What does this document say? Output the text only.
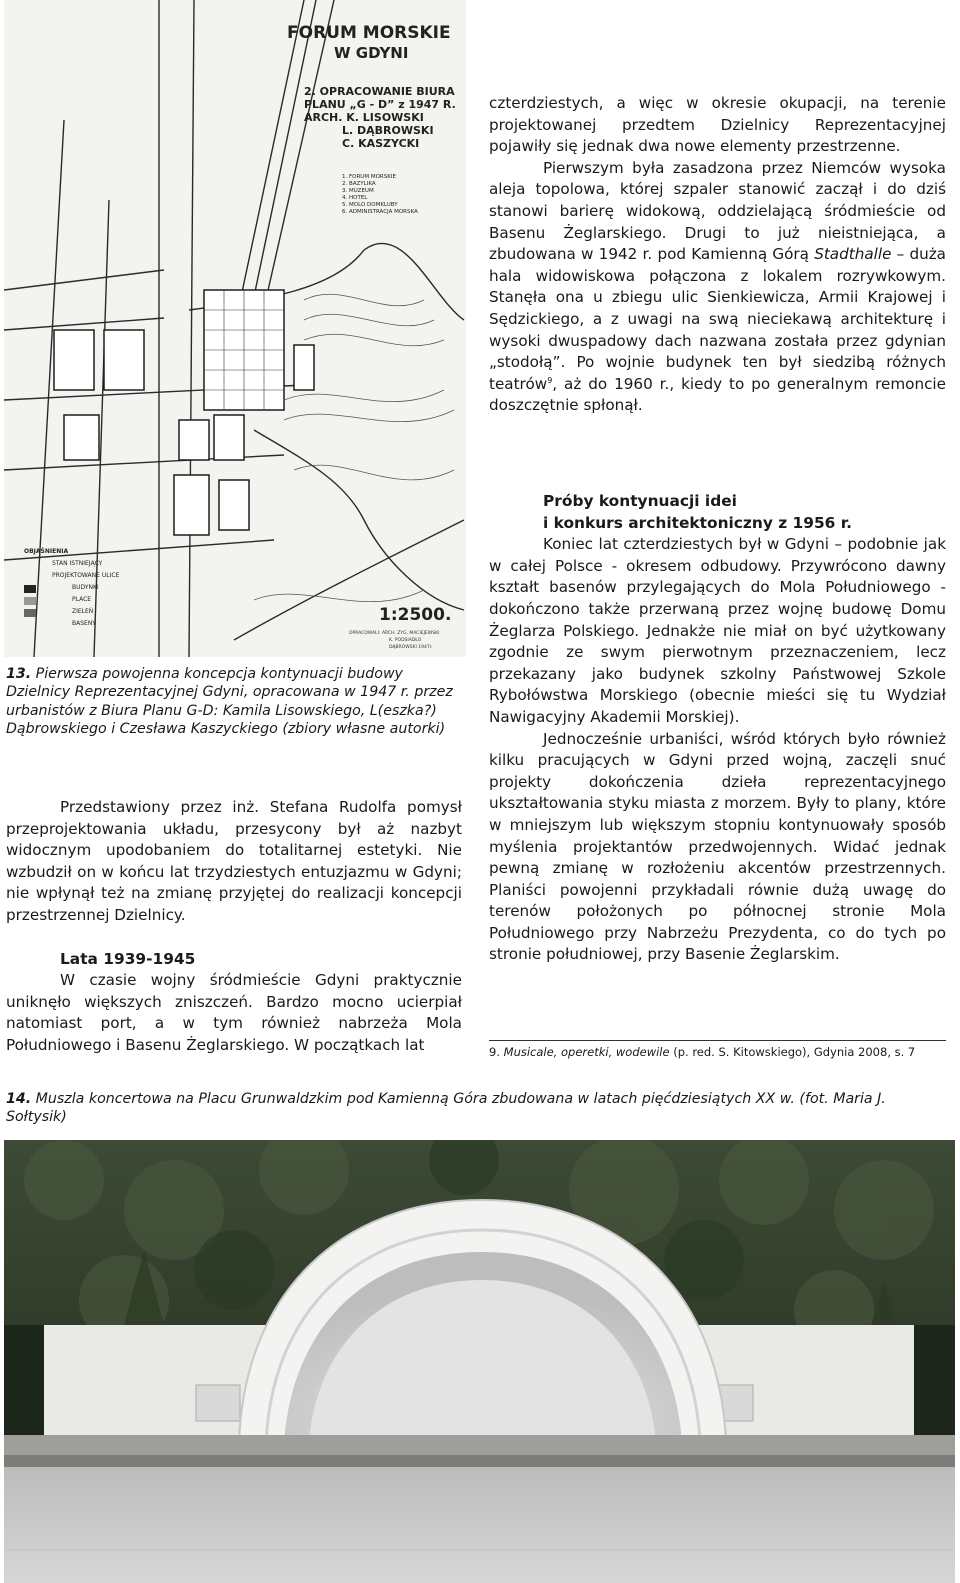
FORUM MORSKIE
W GDYNI
2. OPRACOWANIE BIURA
PLANU „G - D” z 1947 R.
ARCH. K. LISOWSKI
L. DĄBROWSKI
C. KASZYCKI
1. FORUM MORSKIE
2. BAZYLIKA
3. MUZEUM
4. HOTEL
5. MOLO DOMKLUBY
6. ADMINISTRACJA MORSKA
OBJAŚNIENIA
STAN ISTNIEJĄCY
PROJEKTOWANE ULICE
BUDYNKI
PLACE
ZIELEŃ
BASENY	1:2500.
OPRACOWALI: ARCH. ZYG. MACIEJEWSKI
K. PODSIADŁO
DĄBROWSKI 1947r.

13. Pierwsza powojenna koncepcja kontynuacji budowy Dzielnicy Reprezentacyjnej Gdyni, opracowana w 1947 r. przez urbanistów z Biura Planu G-D: Kamila Lisowskiego, L(eszka?) Dąbrowskiego i Czesława Kaszyckiego (zbiory własne autorki)

Przedstawiony przez inż. Stefana Rudolfa pomysł przeprojektowania układu, przesycony był aż nazbyt widocznym upodobaniem do totalitarnej estetyki. Nie wzbudził on w końcu lat trzydziestych entuzjazmu w Gdyni; nie wpłynął też na zmianę przyjętej do realizacji koncepcji przestrzennej Dzielnicy.

Lata 1939-1945

W czasie wojny śródmieście Gdyni praktycznie uniknęło większych zniszczeń. Bardzo mocno ucierpiał natomiast port, a w tym również nabrzeża Mola Południowego i Basenu Żeglarskiego. W początkach lat

czterdziestych, a więc w okresie okupacji, na terenie projektowanej przedtem Dzielnicy Reprezentacyjnej pojawiły się jednak dwa nowe elementy przestrzenne.

Pierwszym była zasadzona przez Niemców wysoka aleja topolowa, której szpaler stanowić zaczął i do dziś stanowi barierę widokową, oddzielającą śródmieście od Basenu Żeglarskiego. Drugi to już nieistniejąca, a zbudowana w 1942 r. pod Kamienną Górą Stadthalle – duża hala widowiskowa połączona z lokalem rozrywkowym. Stanęła ona u zbiegu ulic Sienkiewicza, Armii Krajowej i Sędzickiego, a z uwagi na swą nieciekawą architekturę i wysoki dwuspadowy dach nazwana została przez gdynian „stodołą”. Po wojnie budynek ten był siedzibą różnych teatrów$^9$, aż do 1960 r., kiedy to po generalnym remoncie doszczętnie spłonął.

Próby kontynuacji idei

i konkurs architektoniczny z 1956 r.

Koniec lat czterdziestych był w Gdyni – podobnie jak w całej Polsce - okresem odbudowy. Przywrócono dawny kształt basenów przylegających do Mola Południowego - dokończono także przerwaną przez wojnę budowę Domu Żeglarza Polskiego. Jednakże nie miał on być użytkowany zgodnie ze swym pierwotnym przeznaczeniem, lecz przekazany jako budynek szkolny Państwowej Szkole Rybołówstwa Morskiego (obecnie mieści się tu Wydział Nawigacyjny Akademii Morskiej).

Jednocześnie urbaniści, wśród których było również kilku pracujących w Gdyni przed wojną, zaczęli snuć projekty dokończenia dzieła reprezentacyjnego ukształtowania styku miasta z morzem. Były to plany, które w mniejszym lub większym stopniu kontynuowały sposób myślenia projektantów przedwojennych. Widać jednak pewną zmianę w rozłożeniu akcentów przestrzennych. Planiści powojenni przykładali równie dużą uwagę do terenów położonych po północnej stronie Mola Południowego przy Nabrzeżu Prezydenta, co do tych po stronie południowej, przy Basenie Żeglarskim.

9. Musicale, operetki, wodewile (p. red. S. Kitowskiego), Gdynia 2008, s. 7

14. Muszla koncertowa na Placu Grunwaldzkim pod Kamienną Góra zbudowana w latach pięćdziesiątych XX w. (fot. Maria J. Sołtysik)
